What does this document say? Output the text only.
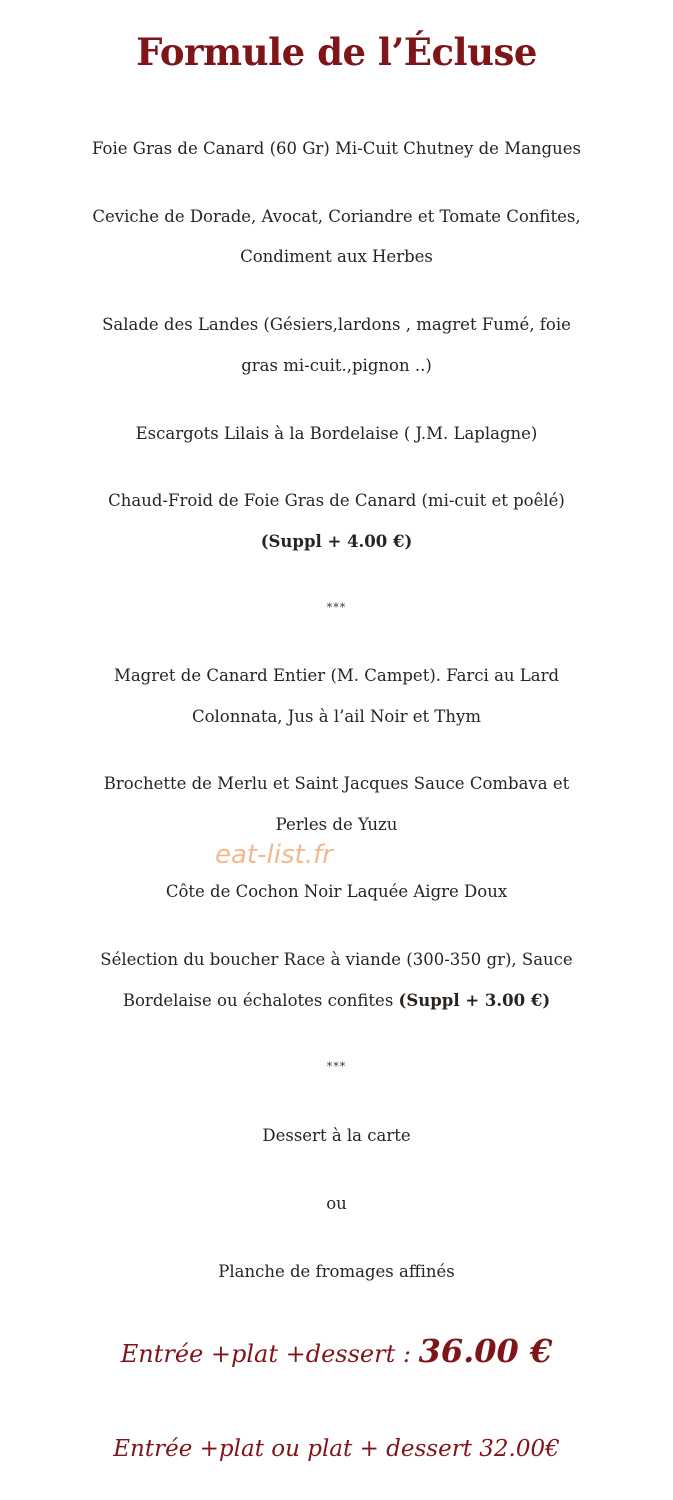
Formule de l’Écluse
Foie Gras de Canard (60 Gr) Mi-Cuit Chutney de Mangues
Ceviche de Dorade, Avocat, Coriandre et Tomate Confites,
Condiment aux Herbes
Salade des Landes (Gésiers,lardons , magret Fumé, foie
gras mi-cuit.,pignon ..)
Escargots Lilais à la Bordelaise ( J.M. Laplagne)
Chaud-Froid de Foie Gras de Canard (mi-cuit et poêlé)
(Suppl + 4.00 €)
***
Magret de Canard Entier (M. Campet). Farci au Lard
Colonnata, Jus à l’ail Noir et Thym
Brochette de Merlu et Saint Jacques Sauce Combava et
Perles de Yuzu
eat-list.fr
Côte de Cochon Noir Laquée Aigre Doux
Sélection du boucher Race à viande (300-350 gr), Sauce
Bordelaise ou échalotes confites (Suppl + 3.00 €)
***
Dessert à la carte
ou
Planche de fromages affinés
Entrée +plat +dessert : 36.00 €
Entrée +plat ou plat + dessert 32.00€
